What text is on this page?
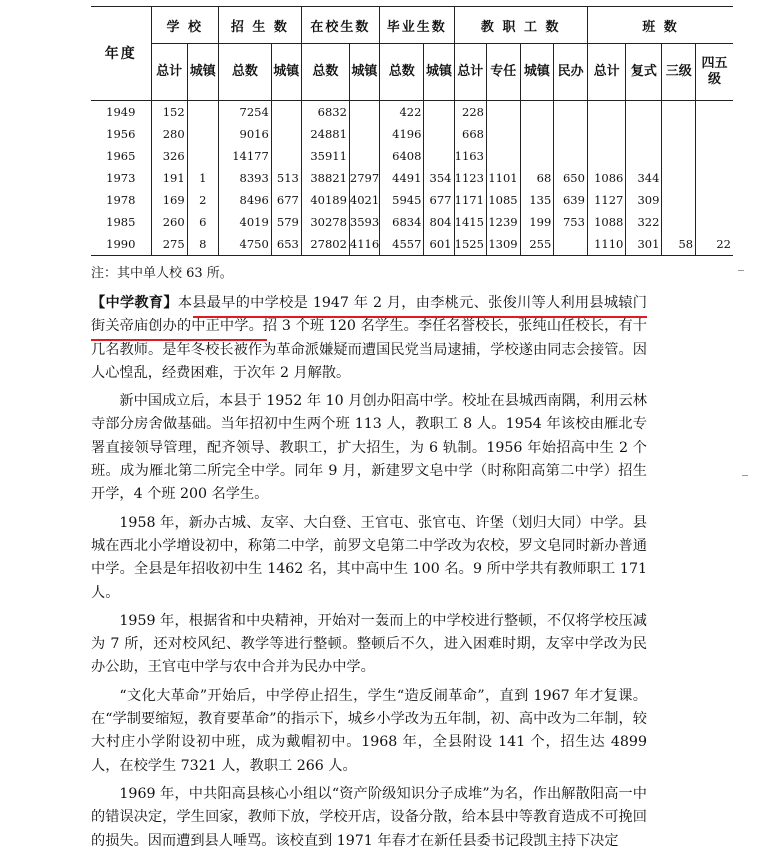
年度	学 校		招 生 数		在校生数		毕业生数		教 职 工 数				班 数			
	总计	城镇	总数	城镇	总数	城镇	总数	城镇	总计	专任	城镇	民办	总计	复式	三级	四五级
1949	152		7254		6832		422		228							
1956	280		9016		24881		4196		668							
1965	326		14177		35911		6408		1163							
1973	191	1	8393	513	38821	2797	4491	354	1123	1101	68	650	1086	344		
1978	169	2	8496	677	40189	4021	5945	677	1171	1085	135	639	1127	309		
1985	260	6	4019	579	30278	3593	6834	804	1415	1239	199	753	1088	322		
1990	275	8	4750	653	27802	4116	4557	601	1525	1309	255		1110	301	58	22
注：其中单人校 63 所。

【中学教育】本县最早的中学校是 1947 年 2 月，由李桃元、张俊川等人利用县城辕门街关帝庙创办的中正中学。招 3 个班 120 名学生。李任名誉校长，张纯山任校长，有十几名教师。是年冬校长被作为革命派嫌疑而遭国民党当局逮捕，学校遂由同志会接管。因人心惶乱，经费困难，于次年 2 月解散。

新中国成立后，本县于 1952 年 10 月创办阳高中学。校址在县城西南隅，利用云林寺部分房舍做基础。当年招初中生两个班 113 人，教职工 8 人。1954 年该校由雁北专署直接领导管理，配齐领导、教职工，扩大招生，为 6 轨制。1956 年始招高中生 2 个班。成为雁北第二所完全中学。同年 9 月，新建罗文皂中学（时称阳高第二中学）招生开学，4 个班 200 名学生。

1958 年，新办古城、友宰、大白登、王官屯、张官屯、许堡（划归大同）中学。县城在西北小学增设初中，称第二中学，前罗文皂第二中学改为农校，罗文皂同时新办普通中学。全县是年招收初中生 1462 名，其中高中生 100 名。9 所中学共有教师职工 171 人。

1959 年，根据省和中央精神，开始对一轰而上的中学校进行整顿，不仅将学校压减为 7 所，还对校风纪、教学等进行整顿。整顿后不久，进入困难时期，友宰中学改为民办公助，王官屯中学与农中合并为民办中学。

“文化大革命”开始后，中学停止招生，学生“造反闹革命”，直到 1967 年才复课。在“学制要缩短，教育要革命”的指示下，城乡小学改为五年制，初、高中改为二年制，较大村庄小学附设初中班，成为戴帽初中。1968 年，全县附设 141 个，招生达 4899 人，在校学生 7321 人，教职工 266 人。

1969 年，中共阳高县核心小组以“资产阶级知识分子成堆”为名，作出解散阳高一中的错误决定，学生回家，教师下放，学校开店，设备分散，给本县中等教育造成不可挽回的损失。因而遭到县人唾骂。该校直到 1971 年春才在新任县委书记段凯主持下决定
